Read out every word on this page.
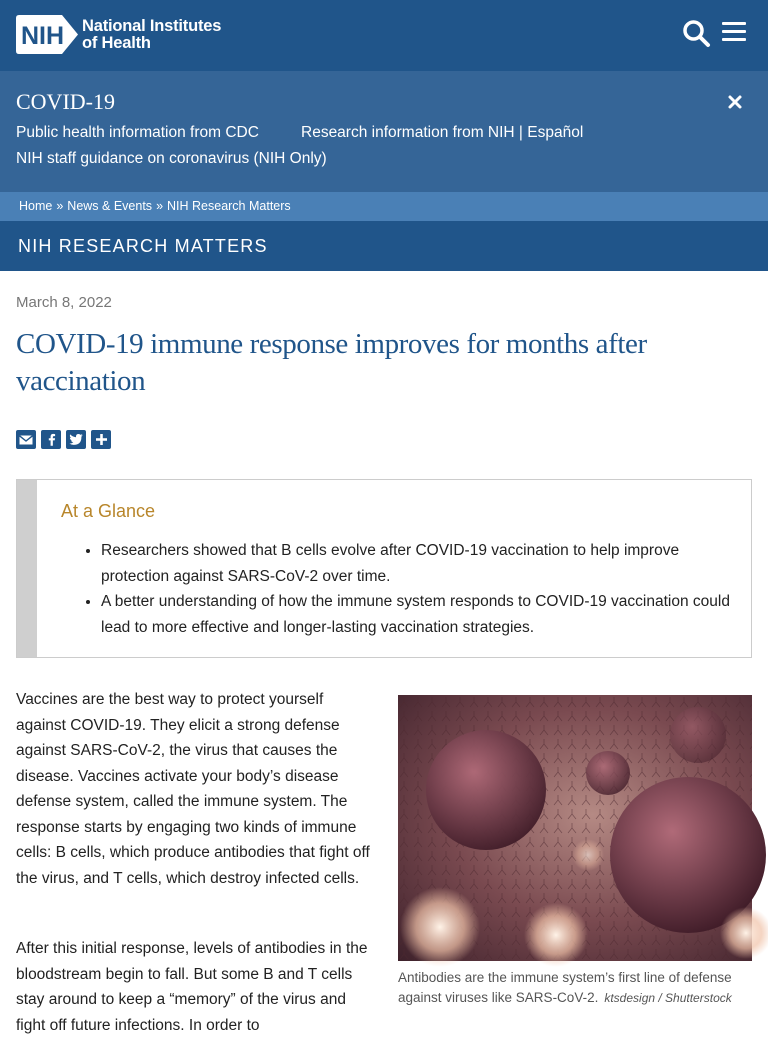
NIH National Institutes
of Health
COVID-19
Public health information from CDC	Research information from NIH | Español
NIH staff guidance on coronavirus (NIH Only)
Home » News & Events » NIH Research Matters
NIH RESEARCH MATTERS
March 8, 2022
COVID-19 immune response improves for months after vaccination
At a Glance
• Researchers showed that B cells evolve after COVID-19 vaccination to help improve protection against SARS-CoV-2 over time.
• A better understanding of how the immune system responds to COVID-19 vaccination could lead to more effective and longer-lasting vaccination strategies.

Vaccines are the best way to protect yourself against COVID-19. They elicit a strong defense against SARS-CoV-2, the virus that causes the disease. Vaccines activate your body’s disease defense system, called the immune system. The response starts by engaging two kinds of immune cells: B cells, which produce antibodies that fight off the virus, and T cells, which destroy infected cells.

After this initial response, levels of antibodies in the bloodstream begin to fall. But some B and T cells stay around to keep a “memory” of the virus and fight off future infections. In order to

Antibodies are the immune system’s first line of defense against viruses like SARS-CoV-2. ktsdesign / Shutterstock
